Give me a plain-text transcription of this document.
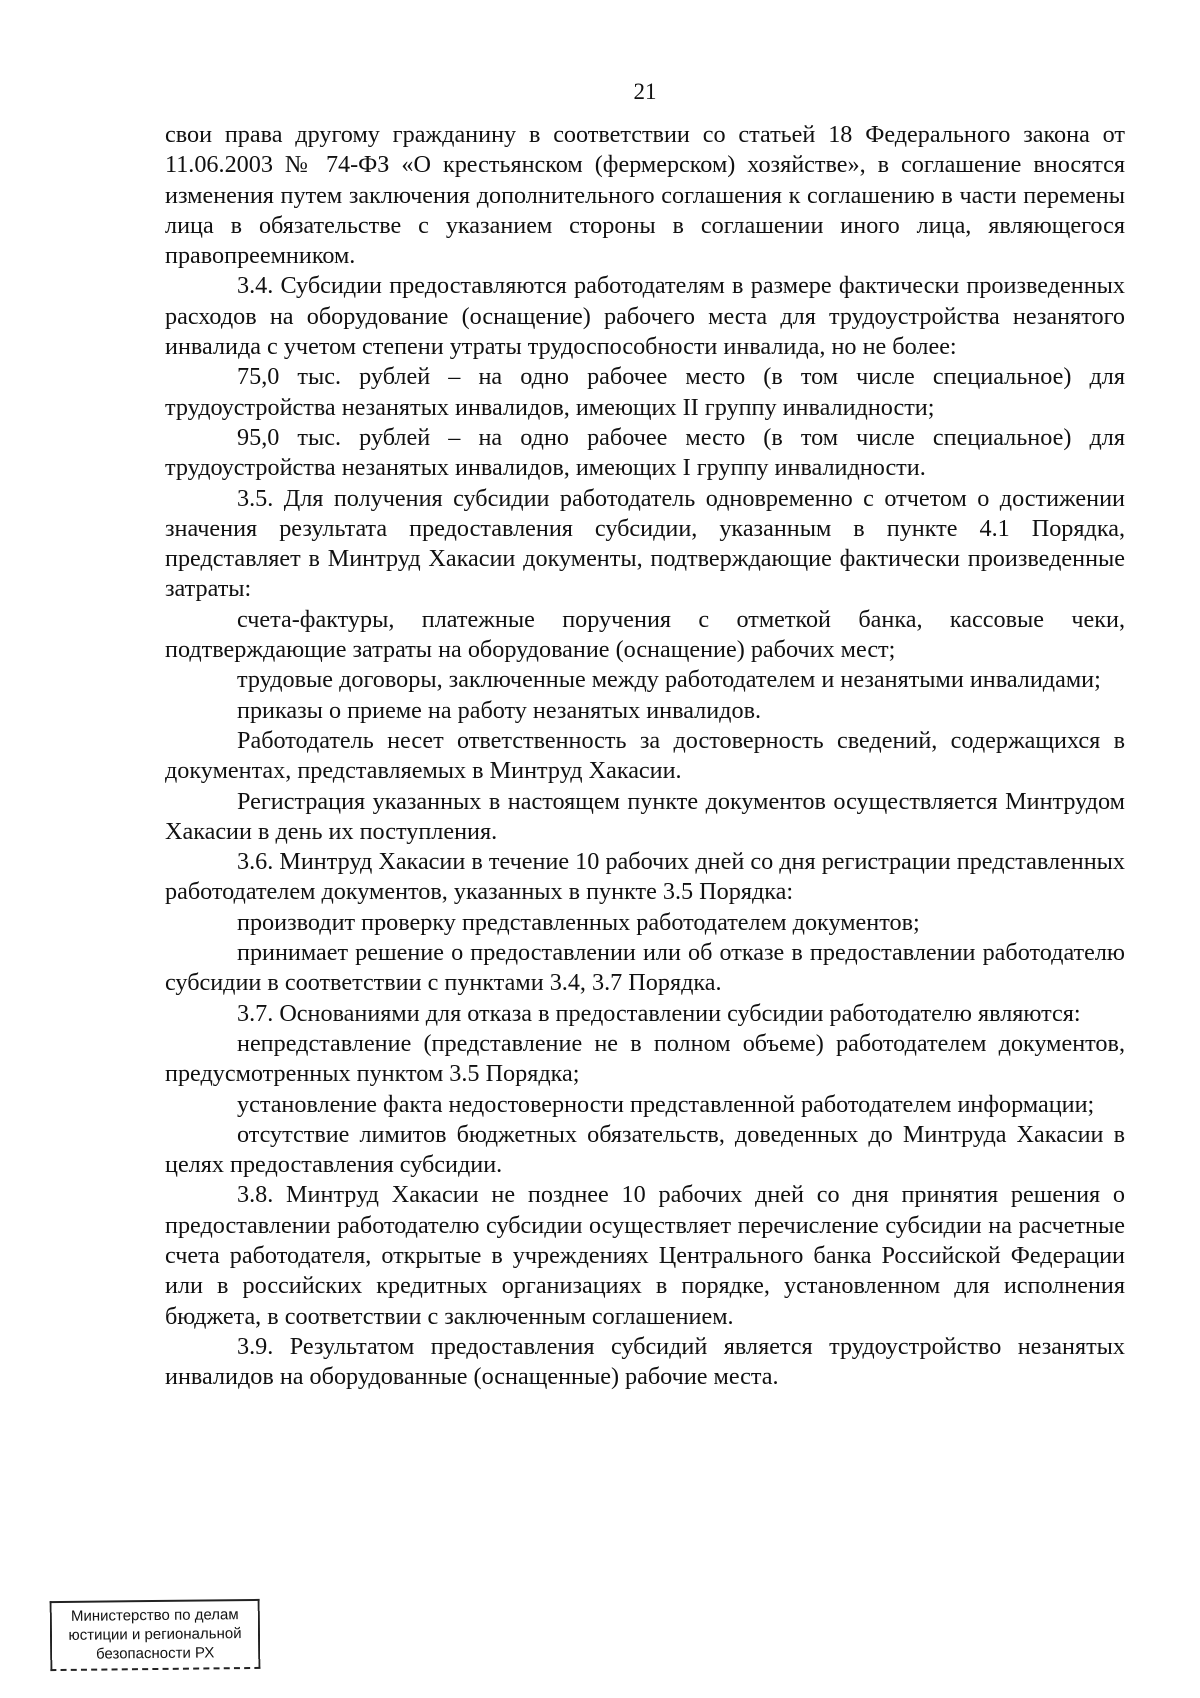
21

свои права другому гражданину в соответствии со статьей 18 Федерального закона от 11.06.2003 № 74-ФЗ «О крестьянском (фермерском) хозяйстве», в соглашение вносятся изменения путем заключения дополнительного соглашения к соглашению в части перемены лица в обязательстве с указанием стороны в соглашении иного лица, являющегося правопреемником.

3.4. Субсидии предоставляются работодателям в размере фактически произведенных расходов на оборудование (оснащение) рабочего места для трудоустройства незанятого инвалида с учетом степени утраты трудоспособности инвалида, но не более:

75,0 тыс. рублей – на одно рабочее место (в том числе специальное) для трудоустройства незанятых инвалидов, имеющих II группу инвалидности;

95,0 тыс. рублей – на одно рабочее место (в том числе специальное) для трудоустройства незанятых инвалидов, имеющих I группу инвалидности.

3.5. Для получения субсидии работодатель одновременно с отчетом о достижении значения результата предоставления субсидии, указанным в пункте 4.1 Порядка, представляет в Минтруд Хакасии документы, подтверждающие фактически произведенные затраты:

счета-фактуры, платежные поручения с отметкой банка, кассовые чеки, подтверждающие затраты на оборудование (оснащение) рабочих мест;

трудовые договоры, заключенные между работодателем и незанятыми инвалидами;

приказы о приеме на работу незанятых инвалидов.

Работодатель несет ответственность за достоверность сведений, содержащихся в документах, представляемых в Минтруд Хакасии.

Регистрация указанных в настоящем пункте документов осуществляется Минтрудом Хакасии в день их поступления.

3.6. Минтруд Хакасии в течение 10 рабочих дней со дня регистрации представленных работодателем документов, указанных в пункте 3.5 Порядка:

производит проверку представленных работодателем документов;

принимает решение о предоставлении или об отказе в предоставлении работодателю субсидии в соответствии с пунктами 3.4, 3.7 Порядка.

3.7. Основаниями для отказа в предоставлении субсидии работодателю являются:

непредставление (представление не в полном объеме) работодателем документов, предусмотренных пунктом 3.5 Порядка;

установление факта недостоверности представленной работодателем информации;

отсутствие лимитов бюджетных обязательств, доведенных до Минтруда Хакасии в целях предоставления субсидии.

3.8. Минтруд Хакасии не позднее 10 рабочих дней со дня принятия решения о предоставлении работодателю субсидии осуществляет перечисление субсидии на расчетные счета работодателя, открытые в учреждениях Центрального банка Российской Федерации или в российских кредитных организациях в порядке, установленном для исполнения бюджета, в соответствии с заключенным соглашением.

3.9. Результатом предоставления субсидий является трудоустройство незанятых инвалидов на оборудованные (оснащенные) рабочие места.

Министерство по делам
юстиции и региональной
безопасности РХ
